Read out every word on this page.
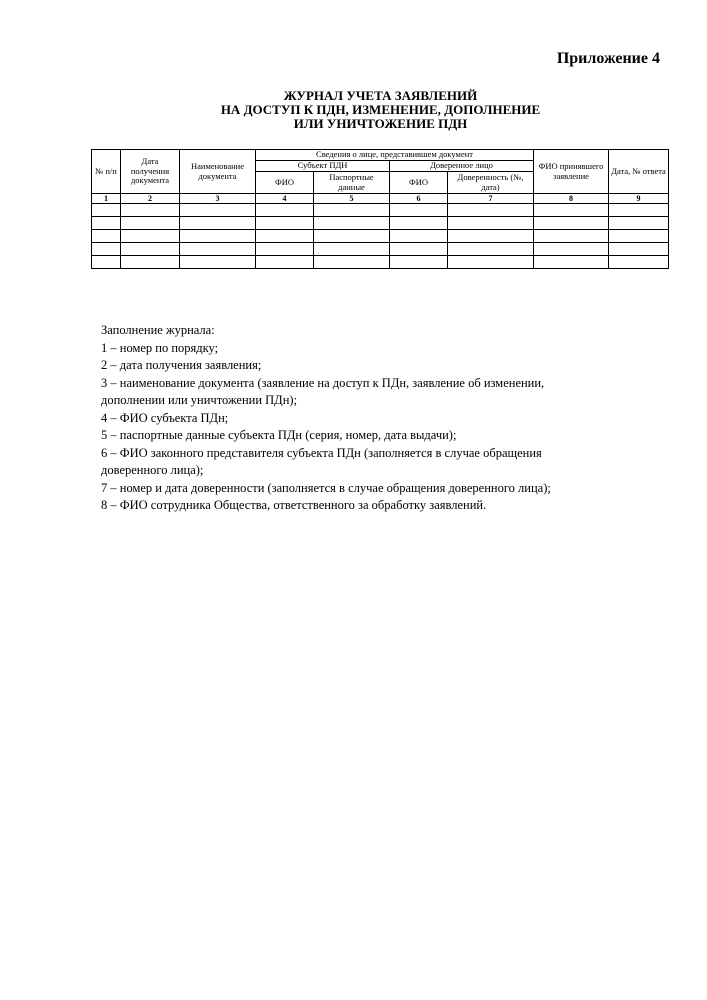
Приложение 4
ЖУРНАЛ УЧЕТА ЗАЯВЛЕНИЙ
НА ДОСТУП К ПДН, ИЗМЕНЕНИЕ, ДОПОЛНЕНИЕ
ИЛИ УНИЧТОЖЕНИЕ ПДН
№ п/п	Дата получения документа	Наименование документа	Сведения о лице, представившем документ				ФИО принявшего заявление	Дата, № ответа
			Субъект ПДН		Доверенное лицо			
			ФИО	Паспортные данные	ФИО	Доверенность (№, дата)		
1	2	3	4	5	6	7	8	9

Заполнение журнала:
1 – номер по порядку;
2 – дата получения заявления;
3 – наименование документа (заявление на доступ к ПДн, заявление об изменении,
дополнении или уничтожении ПДн);
4 – ФИО субъекта ПДн;
5 – паспортные данные субъекта ПДн (серия, номер, дата выдачи);
6 – ФИО законного представителя субъекта ПДн (заполняется в случае обращения
доверенного лица);
7 – номер и дата доверенности (заполняется в случае обращения доверенного лица);
8 – ФИО сотрудника Общества, ответственного за обработку заявлений.
